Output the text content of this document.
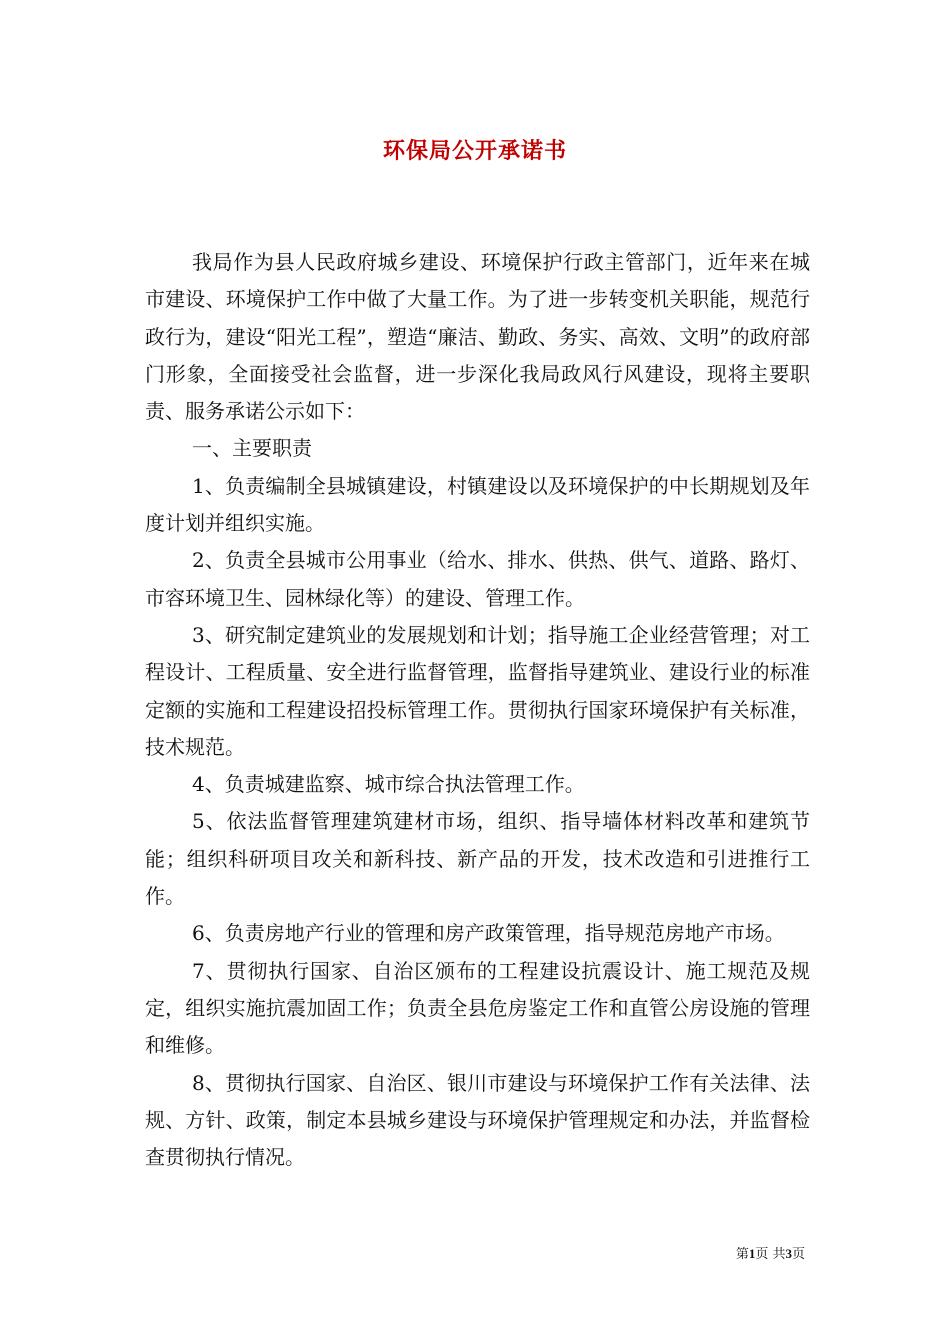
环保局公开承诺书

我局作为县人民政府城乡建设、环境保护行政主管部门，近年来在城市建设、环境保护工作中做了大量工作。为了进一步转变机关职能，规范行政行为，建设“阳光工程”，塑造“廉洁、勤政、务实、高效、文明”的政府部门形象，全面接受社会监督，进一步深化我局政风行风建设，现将主要职责、服务承诺公示如下：

一、主要职责

1、负责编制全县城镇建设，村镇建设以及环境保护的中长期规划及年度计划并组织实施。

2、负责全县城市公用事业（给水、排水、供热、供气、道路、路灯、市容环境卫生、园林绿化等）的建设、管理工作。

3、研究制定建筑业的发展规划和计划；指导施工企业经营管理；对工程设计、工程质量、安全进行监督管理，监督指导建筑业、建设行业的标准定额的实施和工程建设招投标管理工作。贯彻执行国家环境保护有关标准，技术规范。

4、负责城建监察、城市综合执法管理工作。

5、依法监督管理建筑建材市场，组织、指导墙体材料改革和建筑节能；组织科研项目攻关和新科技、新产品的开发，技术改造和引进推行工作。

6、负责房地产行业的管理和房产政策管理，指导规范房地产市场。

7、贯彻执行国家、自治区颁布的工程建设抗震设计、施工规范及规定，组织实施抗震加固工作；负责全县危房鉴定工作和直管公房设施的管理和维修。

8、贯彻执行国家、自治区、银川市建设与环境保护工作有关法律、法规、方针、政策，制定本县城乡建设与环境保护管理规定和办法，并监督检查贯彻执行情况。

第1页 共3页
